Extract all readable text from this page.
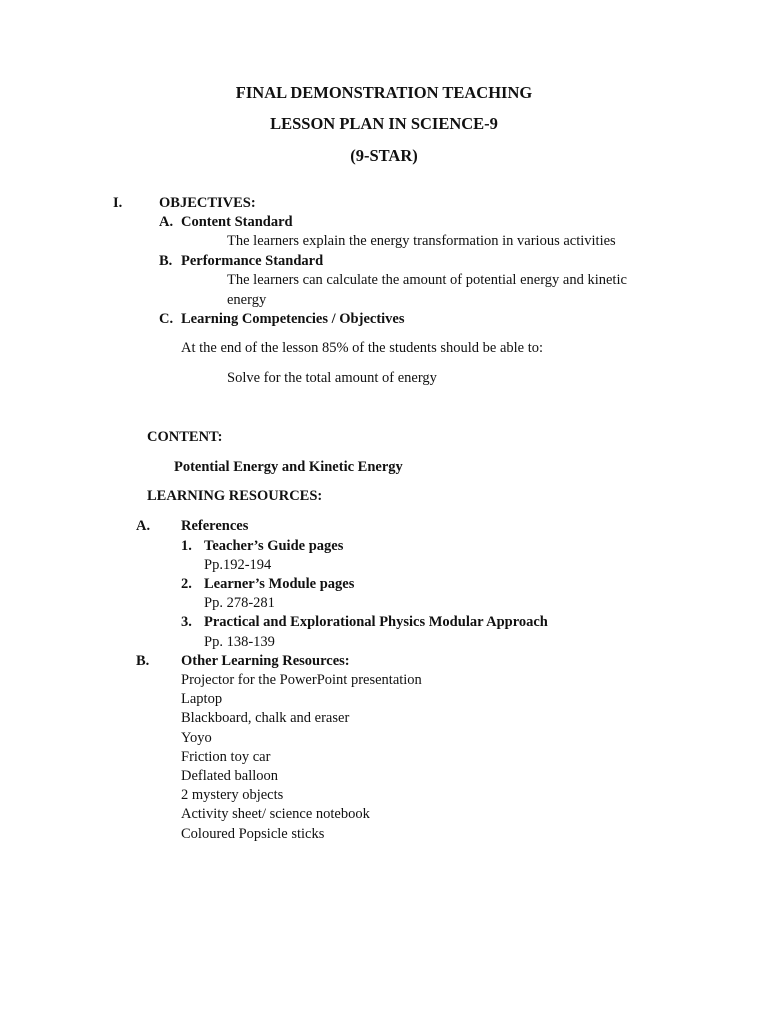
FINAL DEMONSTRATION TEACHING
LESSON PLAN IN SCIENCE-9
(9-STAR)
I.	OBJECTIVES:
A. Content Standard
The learners explain the energy transformation in various activities
B. Performance Standard
The learners can calculate the amount of potential energy and kinetic
energy
C. Learning Competencies / Objectives
At the end of the lesson 85% of the students should be able to:
Solve for the total amount of energy
CONTENT:
Potential Energy and Kinetic Energy
LEARNING RESOURCES:
A. References
1. Teacher’s Guide pages
Pp.192-194
2. Learner’s Module pages
Pp. 278-281
3. Practical and Explorational Physics Modular Approach
Pp. 138-139
B. Other Learning Resources:
Projector for the PowerPoint presentation
Laptop
Blackboard, chalk and eraser
Yoyo
Friction toy car
Deflated balloon
2 mystery objects
Activity sheet/ science notebook
Coloured Popsicle sticks
